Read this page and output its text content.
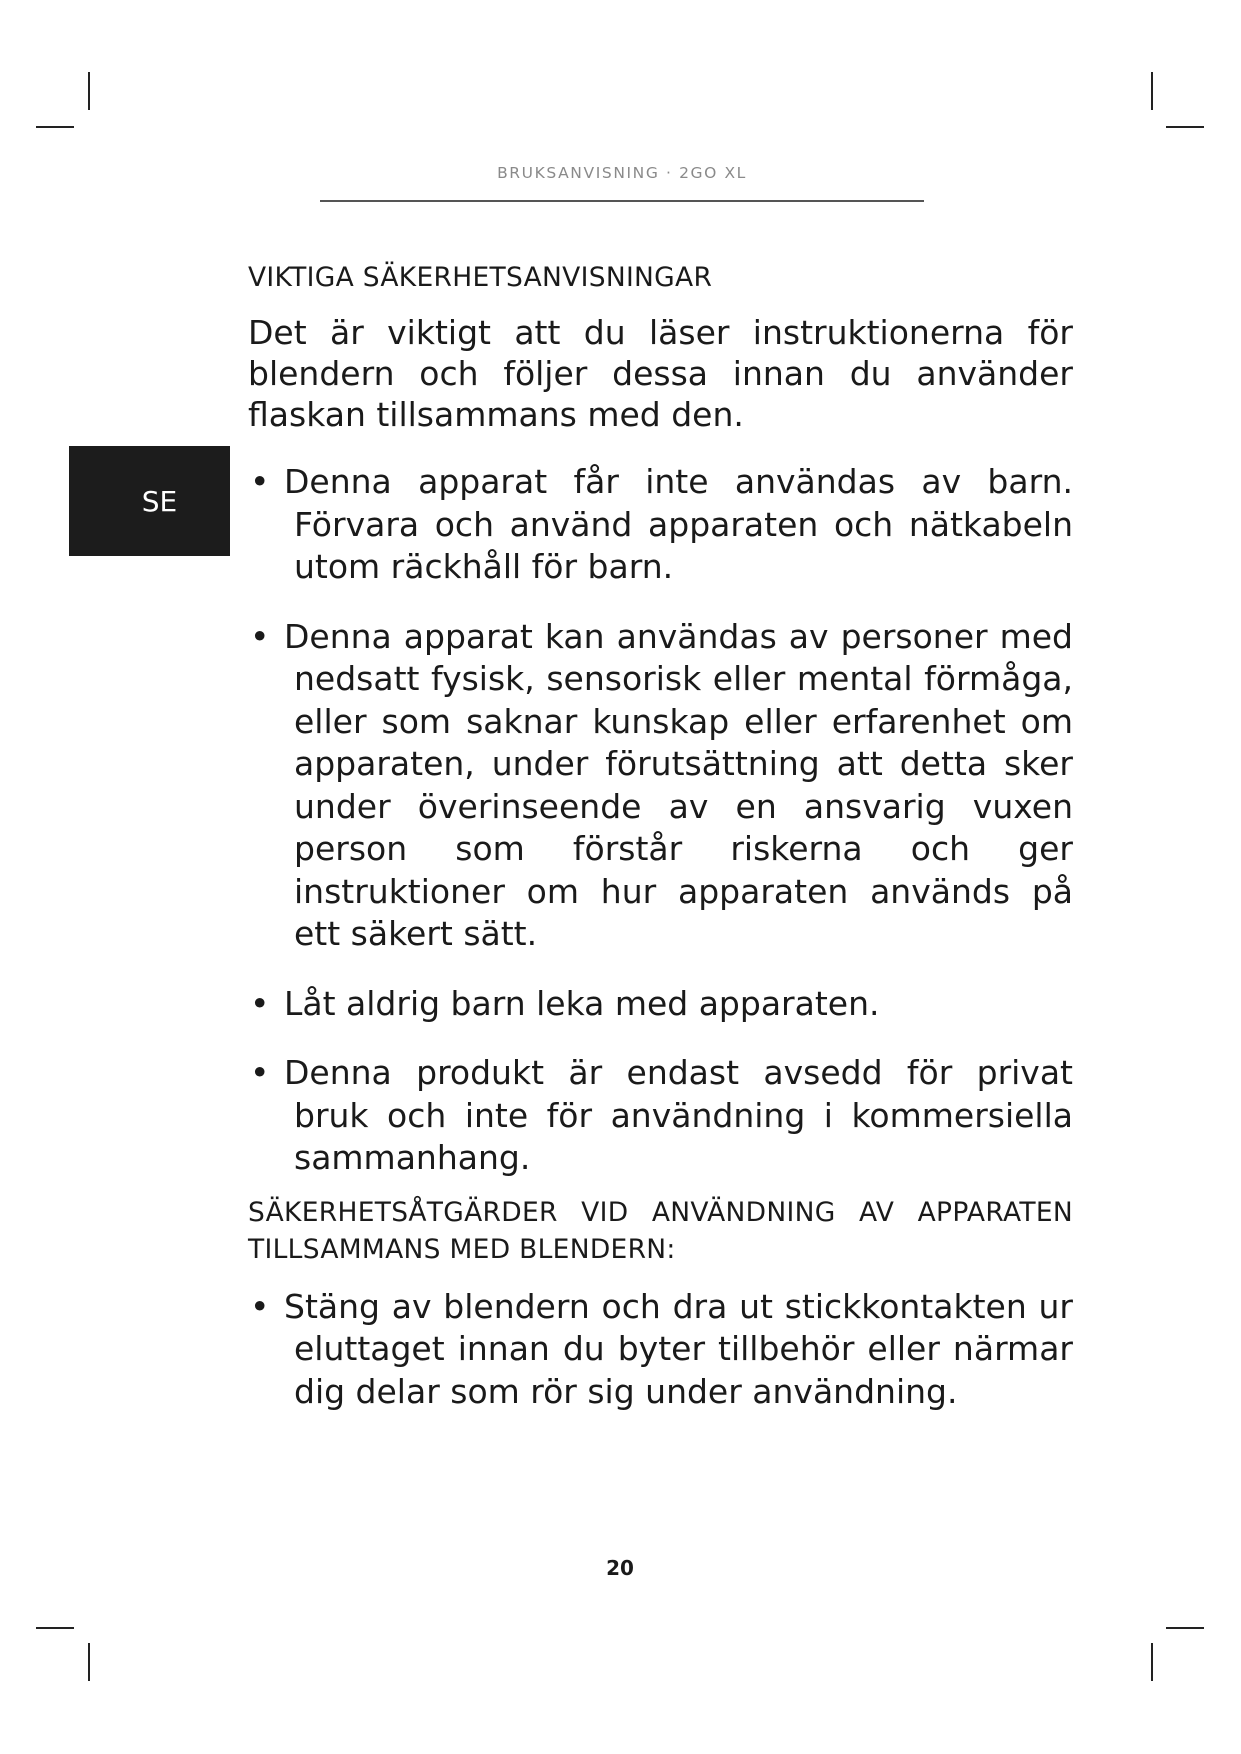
BRUKSANVISNING · 2GO XL
SE
VIKTIGA SÄKERHETSANVISNINGAR

Det är viktigt att du läser instruktionerna för blendern och följer dessa innan du använder flaskan tillsammans med den.

• Denna apparat får inte användas av barn. Förvara och använd apparaten och nätkabeln utom räckhåll för barn.
• Denna apparat kan användas av personer med nedsatt fysisk, sensorisk eller mental förmåga, eller som saknar kunskap eller erfarenhet om apparaten, under förutsättning att detta sker under överinseende av en ansvarig vuxen person som förstår riskerna och ger instruktioner om hur apparaten används på ett säkert sätt.
• Låt aldrig barn leka med apparaten.
• Denna produkt är endast avsedd för privat bruk och inte för användning i kommersiella sammanhang.
SÄKERHETSÅTGÄRDER VID ANVÄNDNING AV APPARATEN TILLSAMMANS MED BLENDERN:
• Stäng av blendern och dra ut stickkontakten ur eluttaget innan du byter tillbehör eller närmar dig delar som rör sig under användning.
20
